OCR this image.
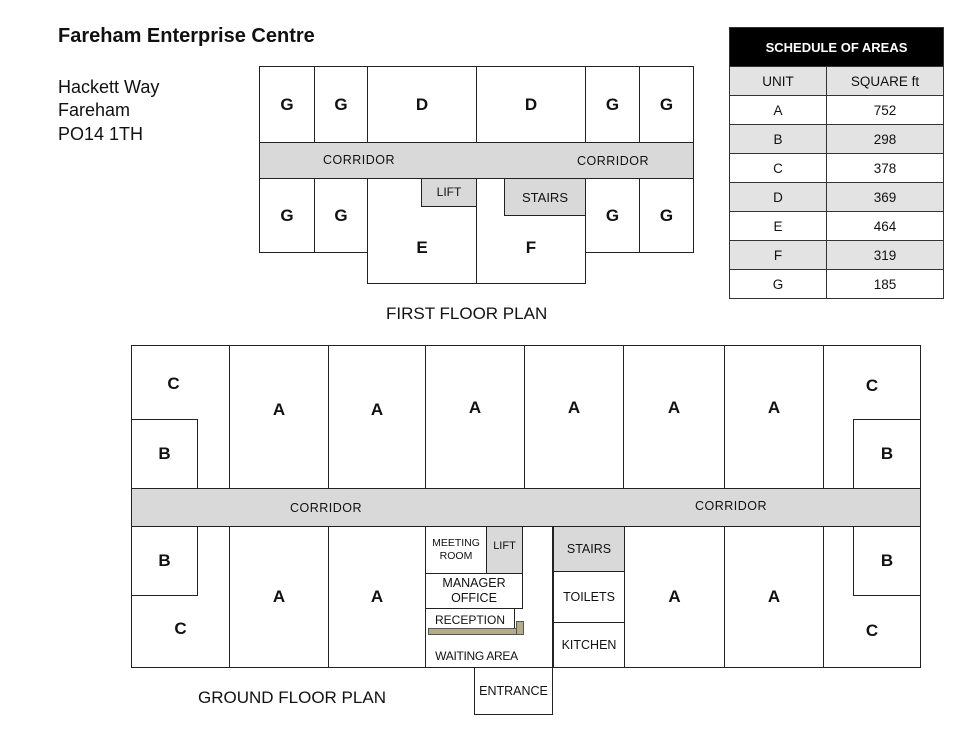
Fareham Enterprise Centre
Hackett Way
Fareham
PO14 1TH
SCHEDULE OF AREAS	
UNIT	SQUARE ft
A	752
B	298
C	378
D	369
E	464
F	319
G	185
G	G	D	D	G	G
CORRIDOR	CORRIDOR
G	G
E	F
LIFT	STAIRS
G	G
FIRST FLOOR PLAN
C
B
A	A	A	A	A	A
C
B
CORRIDOR	CORRIDOR
C
B
A	A
MEETING ROOM
LIFT
MANAGER OFFICE
RECEPTION
WAITING AREA
STAIRS
TOILETS
KITCHEN
ENTRANCE
A	A
C
B
GROUND FLOOR PLAN
